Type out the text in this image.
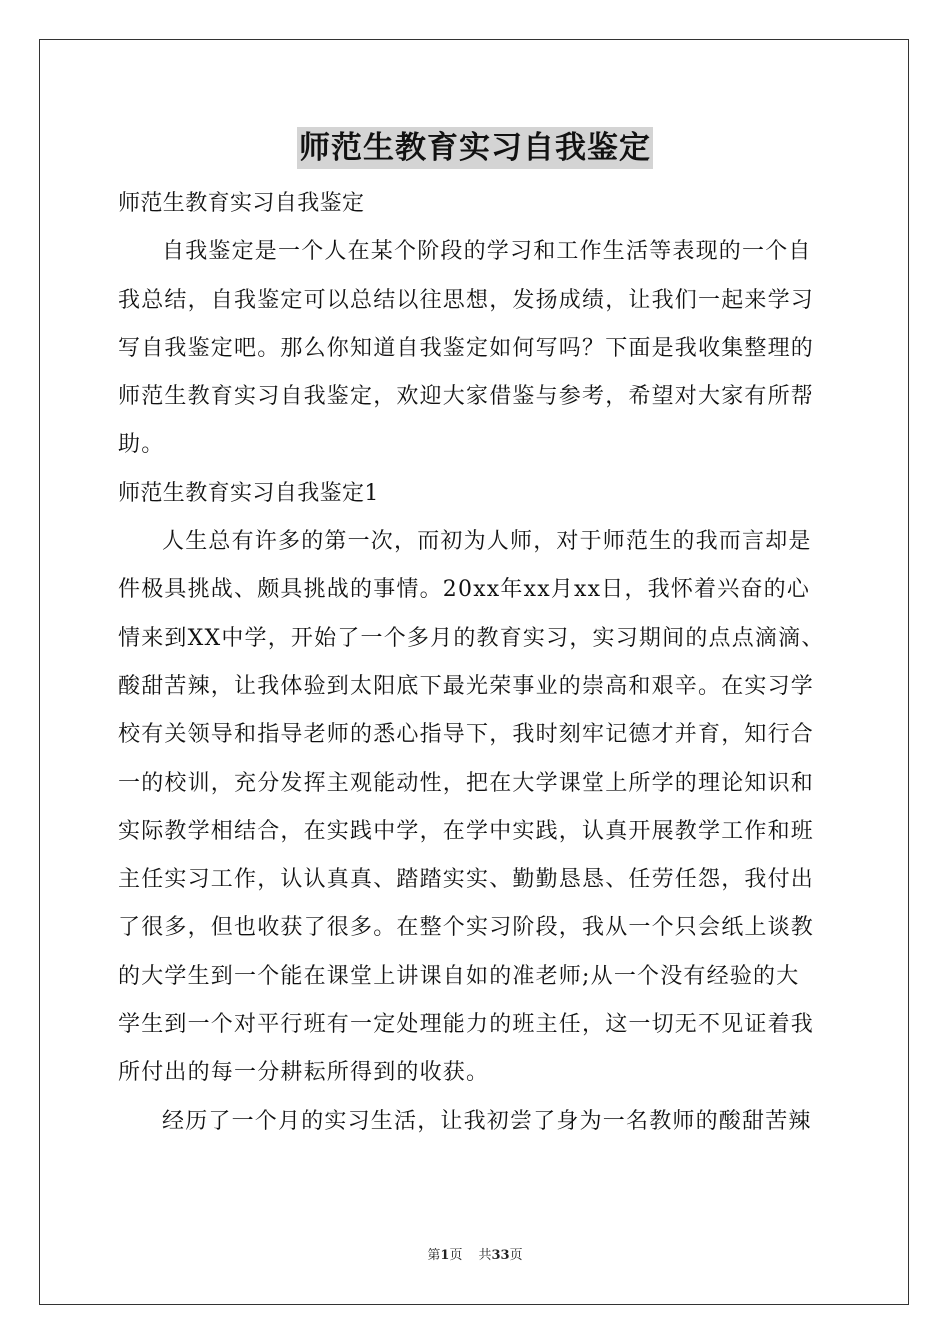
师范生教育实习自我鉴定
师范生教育实习自我鉴定
自我鉴定是一个人在某个阶段的学习和工作生活等表现的一个自
我总结，自我鉴定可以总结以往思想，发扬成绩，让我们一起来学习
写自我鉴定吧。那么你知道自我鉴定如何写吗？下面是我收集整理的
师范生教育实习自我鉴定，欢迎大家借鉴与参考，希望对大家有所帮
助。
师范生教育实习自我鉴定1
人生总有许多的第一次，而初为人师，对于师范生的我而言却是
件极具挑战、颇具挑战的事情。20xx年xx月xx日，我怀着兴奋的心
情来到XX中学，开始了一个多月的教育实习，实习期间的点点滴滴、
酸甜苦辣，让我体验到太阳底下最光荣事业的崇高和艰辛。在实习学
校有关领导和指导老师的悉心指导下，我时刻牢记德才并育，知行合
一的校训，充分发挥主观能动性，把在大学课堂上所学的理论知识和
实际教学相结合，在实践中学，在学中实践，认真开展教学工作和班
主任实习工作，认认真真、踏踏实实、勤勤恳恳、任劳任怨，我付出
了很多，但也收获了很多。在整个实习阶段，我从一个只会纸上谈教
的大学生到一个能在课堂上讲课自如的准老师;从一个没有经验的大
学生到一个对平行班有一定处理能力的班主任，这一切无不见证着我
所付出的每一分耕耘所得到的收获。
经历了一个月的实习生活，让我初尝了身为一名教师的酸甜苦辣
第1页 共33页
